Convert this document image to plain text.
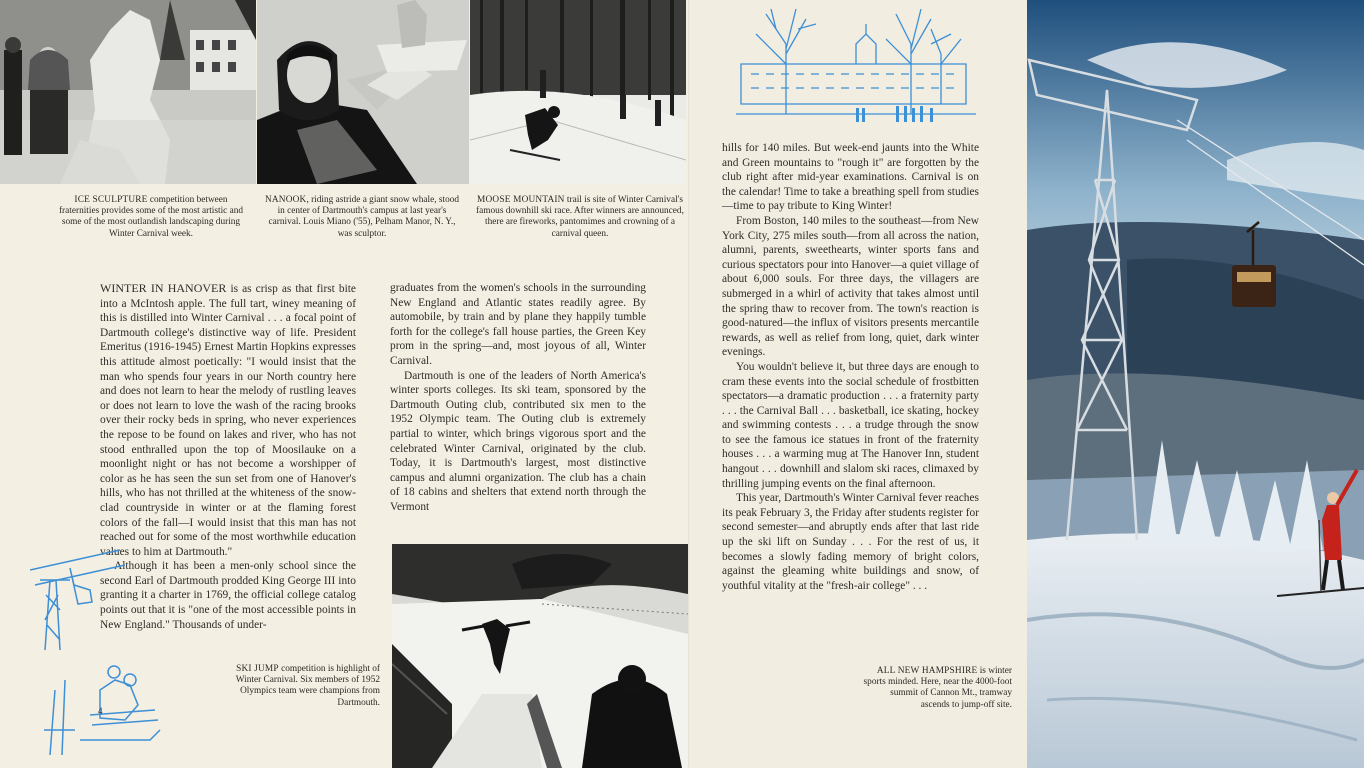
ICE SCULPTURE competition between fraternities provides some of the most artistic and some of the most outlandish landscaping during Winter Carnival week.
NANOOK, riding astride a giant snow whale, stood in center of Dartmouth's campus at last year's carnival. Louis Miano ('55), Pelham Manor, N. Y., was sculptor.
MOOSE MOUNTAIN trail is site of Winter Carnival's famous downhill ski race. After winners are announced, there are fireworks, pantomimes and crowning of a carnival queen.

WINTER IN HANOVER is as crisp as that first bite into a McIntosh apple. The full tart, winey meaning of this is distilled into Winter Carnival . . . a focal point of Dartmouth college's distinctive way of life. President Emeritus (1916-1945) Ernest Martin Hopkins expresses this attitude almost poetically: "I would insist that the man who spends four years in our North country here and does not learn to hear the melody of rustling leaves or does not learn to love the wash of the racing brooks over their rocky beds in spring, who never experiences the repose to be found on lakes and river, who has not stood enthralled upon the top of Moosilauke on a moonlight night or has not become a worshipper of color as he has seen the sun set from one of Hanover's hills, who has not thrilled at the whiteness of the snow-clad countryside in winter or at the flaming forest colors of the fall—I would insist that this man has not reached out for some of the most worthwhile education values to him at Dartmouth."

Although it has been a men-only school since the second Earl of Dartmouth prodded King George III into granting it a charter in 1769, the official college catalog points out that it is "one of the most accessible points in New England." Thousands of under-

graduates from the women's schools in the surrounding New England and Atlantic states readily agree. By automobile, by train and by plane they happily tumble forth for the college's fall house parties, the Green Key prom in the spring—and, most joyous of all, Winter Carnival.

Dartmouth is one of the leaders of North America's winter sports colleges. Its ski team, sponsored by the Dartmouth Outing club, contributed six men to the 1952 Olympic team. The Outing club is extremely partial to winter, which brings vigorous sport and the celebrated Winter Carnival, originated by the club. Today, it is Dartmouth's largest, most distinctive campus and alumni organization. The club has a chain of 18 cabins and shelters that extend north through the Vermont

4
SKI JUMP competition is highlight of Winter Carnival. Six members of 1952 Olympics team were champions from Dartmouth.

hills for 140 miles. But week-end jaunts into the White and Green mountains to "rough it" are forgotten by the club right after mid-year examinations. Carnival is on the calendar! Time to take a breathing spell from studies—time to pay tribute to King Winter!

From Boston, 140 miles to the southeast—from New York City, 275 miles south—from all across the nation, alumni, parents, sweethearts, winter sports fans and curious spectators pour into Hanover—a quiet village of about 6,000 souls. For three days, the villagers are submerged in a whirl of activity that takes almost until the spring thaw to recover from. The town's reaction is good-natured—the influx of visitors presents mercantile rewards, as well as relief from long, quiet, dark winter evenings.

You wouldn't believe it, but three days are enough to cram these events into the social schedule of frostbitten spectators—a dramatic production . . . a fraternity party . . . the Carnival Ball . . . basketball, ice skating, hockey and swimming contests . . . a trudge through the snow to see the famous ice statues in front of the fraternity houses . . . a warming mug at The Hanover Inn, student hangout . . . downhill and slalom ski races, climaxed by thrilling jumping events on the final afternoon.

This year, Dartmouth's Winter Carnival fever reaches its peak February 3, the Friday after students register for second semester—and abruptly ends after that last ride up the ski lift on Sunday . . . For the rest of us, it becomes a slowly fading memory of bright colors, against the gleaming white buildings and snow, of youthful vitality at the "fresh-air college" . . .

ALL NEW HAMPSHIRE is winter sports minded. Here, near the 4000-foot summit of Cannon Mt., tramway ascends to jump-off site.
